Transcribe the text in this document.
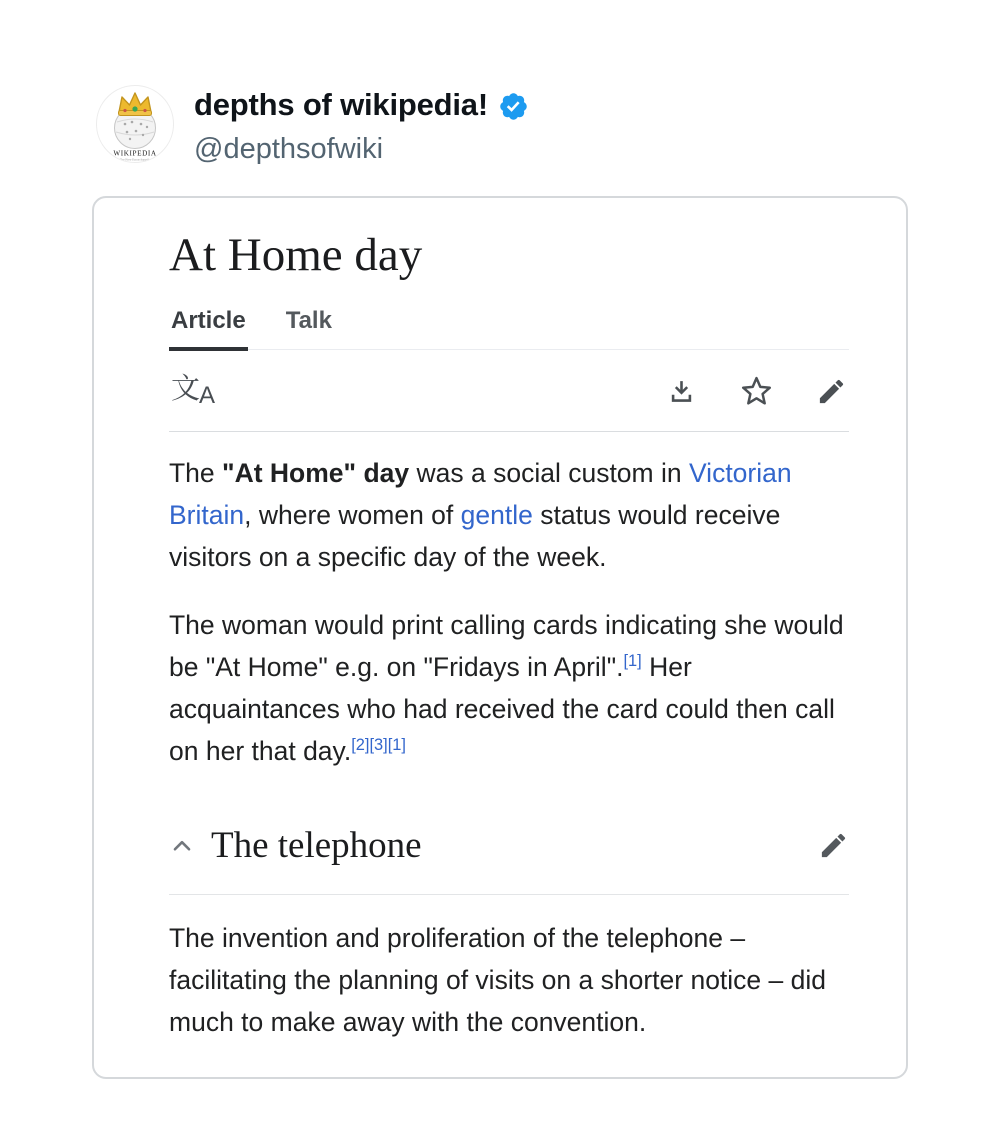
WIKIPEDIA
The Free Encyclopedia
depths of wikipedia!
@depthsofwiki
At Home day
Article Talk
文A

The "At Home" day was a social custom in Victorian Britain, where women of gentle status would receive visitors on a specific day of the week.

The woman would print calling cards indicating she would be "At Home" e.g. on "Fridays in April".[1] Her acquaintances who had received the card could then call on her that day.[2][3][1]

The telephone

The invention and proliferation of the telephone – facilitating the planning of visits on a shorter notice – did much to make away with the convention.
